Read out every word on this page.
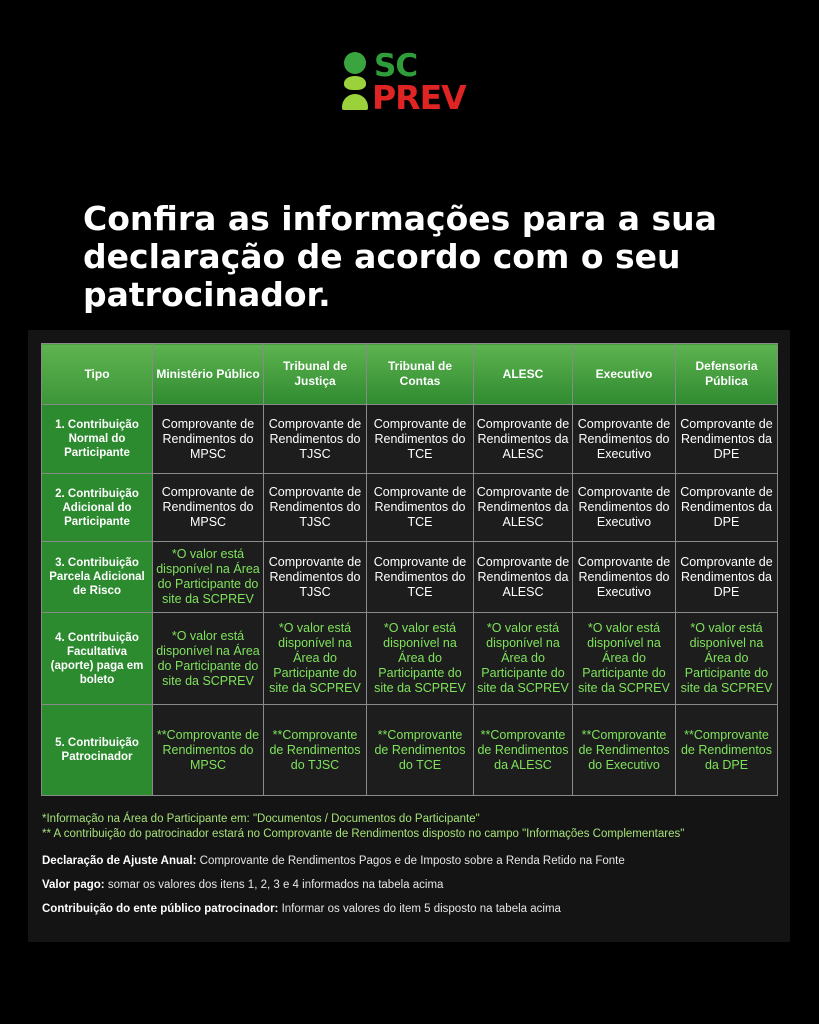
SC
PREV
Confira as informações para a sua declaração de acordo com o seu patrocinador.
Tipo	Ministério Público	Tribunal de Justiça	Tribunal de Contas	ALESC	Executivo	Defensoria Pública
1. Contribuição Normal do Participante	Comprovante de Rendimentos do MPSC	Comprovante de Rendimentos do TJSC	Comprovante de Rendimentos do TCE	Comprovante de Rendimentos da ALESC	Comprovante de Rendimentos do Executivo	Comprovante de Rendimentos da DPE
2. Contribuição Adicional do Participante	Comprovante de Rendimentos do MPSC	Comprovante de Rendimentos do TJSC	Comprovante de Rendimentos do TCE	Comprovante de Rendimentos da ALESC	Comprovante de Rendimentos do Executivo	Comprovante de Rendimentos da DPE
3. Contribuição Parcela Adicional de Risco	*O valor está disponível na Área do Participante do site da SCPREV	Comprovante de Rendimentos do TJSC	Comprovante de Rendimentos do TCE	Comprovante de Rendimentos da ALESC	Comprovante de Rendimentos do Executivo	Comprovante de Rendimentos da DPE
4. Contribuição Facultativa (aporte) paga em boleto	*O valor está disponível na Área do Participante do site da SCPREV	*O valor está disponível na Área do Participante do site da SCPREV	*O valor está disponível na Área do Participante do site da SCPREV	*O valor está disponível na Área do Participante do site da SCPREV	*O valor está disponível na Área do Participante do site da SCPREV	*O valor está disponível na Área do Participante do site da SCPREV
5. Contribuição Patrocinador	**Comprovante de Rendimentos do MPSC	**Comprovante de Rendimentos do TJSC	**Comprovante de Rendimentos do TCE	**Comprovante de Rendimentos da ALESC	**Comprovante de Rendimentos do Executivo	**Comprovante de Rendimentos da DPE

*Informação na Área do Participante em: "Documentos / Documentos do Participante"

** A contribuição do patrocinador estará no Comprovante de Rendimentos disposto no campo "Informações Complementares"

Declaração de Ajuste Anual: Comprovante de Rendimentos Pagos e de Imposto sobre a Renda Retido na Fonte

Valor pago: somar os valores dos itens 1, 2, 3 e 4 informados na tabela acima

Contribuição do ente público patrocinador: Informar os valores do item 5 disposto na tabela acima
